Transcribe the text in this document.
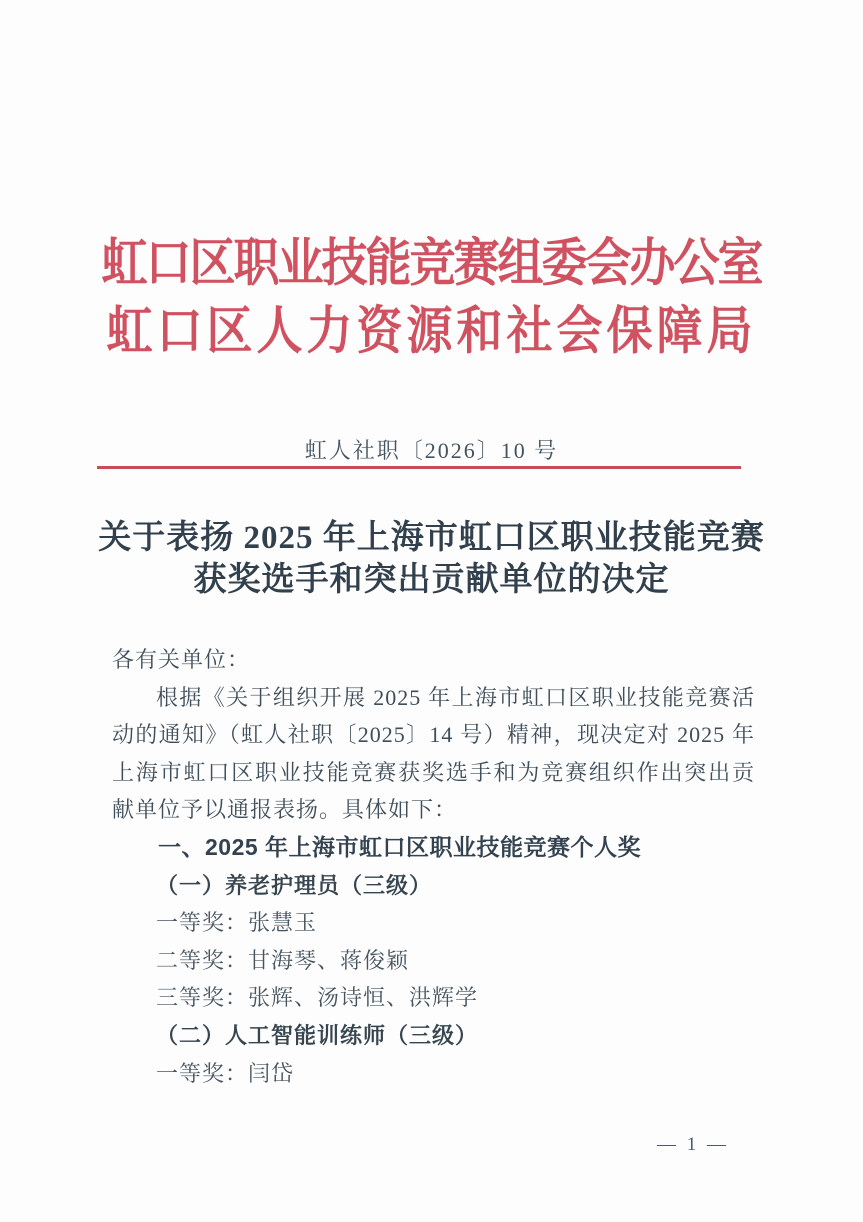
虹口区职业技能竞赛组委会办公室
虹口区人力资源和社会保障局
虹人社职〔2026〕10 号
关于表扬 2025 年上海市虹口区职业技能竞赛
获奖选手和突出贡献单位的决定

各有关单位：

根据《关于组织开展 2025 年上海市虹口区职业技能竞赛活动的通知》（虹人社职〔2025〕14 号）精神，现决定对 2025 年上海市虹口区职业技能竞赛获奖选手和为竞赛组织作出突出贡献单位予以通报表扬。具体如下：

一、2025 年上海市虹口区职业技能竞赛个人奖

（一）养老护理员（三级）

一等奖：张慧玉

二等奖：甘海琴、蒋俊颖

三等奖：张辉、汤诗恒、洪辉学

（二）人工智能训练师（三级）

一等奖：闫岱

— 1 —
